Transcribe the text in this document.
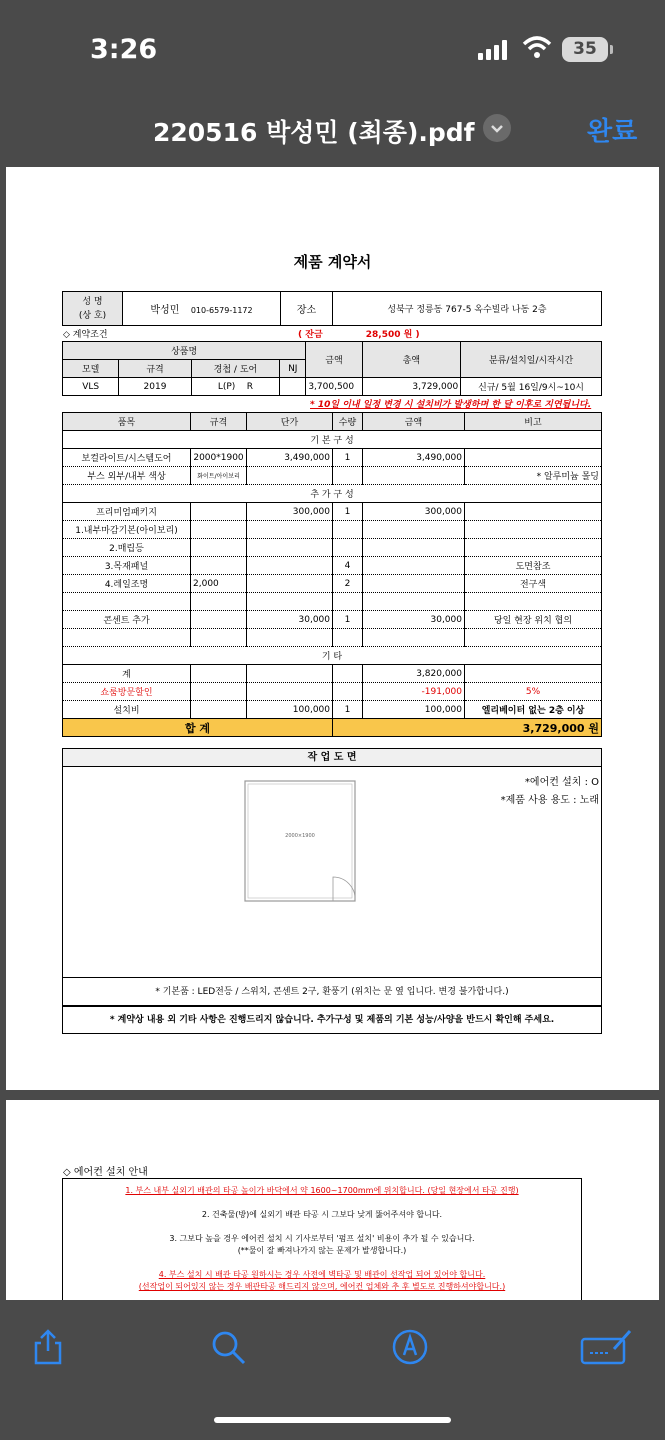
3:26	35
220516 박성민 (최종).pdf	완료
제품 계약서
성 명
(상 호)	박성민 010-6579-1172	장소	성북구 정릉동 767-5 옥수빌라 나동 2층
◇ 계약조건	( 잔금	28,500 원 )
상품명				금액	총액	분류/설치일/시작시간
모델	규격	경첩 / 도어	NJ			
VLS	2019	L(P) R		3,700,500	3,729,000	신규/ 5월 16일/9시~10시
* 10일 이내 일정 변경 시 설치비가 발생하며 한 달 이후로 지연됩니다.
품목	규격	단가	수량	금액	비고
기 본 구 성					
보컬라이트/시스템도어	2000*1900	3,490,000	1	3,490,000	
부스 외부/내부 색상	화이트/아이보리				* 알루미늄 몰딩
추 가 구 성					
프리미엄패키지		300,000	1	300,000	
1.내부마감기본(아이보리)					
2.매립등					
3.목재패널			4		도면참조
4.레일조명	2,000		2		전구색

콘센트 추가		30,000	1	30,000	당일 현장 위치 협의

기 타					
계				3,820,000	
쇼룸방문할인				-191,000	5%
설치비		100,000	1	100,000	엘리베이터 없는 2층 이상
합 계			3,729,000 원		
작 업 도 면
*에어컨 설치 : O
*제품 사용 용도 : 노래
2000×1900
* 기본품 : LED전등 / 스위치, 콘센트 2구, 환풍기 (위치는 문 옆 입니다. 변경 불가합니다.)
* 계약상 내용 외 기타 사항은 진행드리지 않습니다. 추가구성 및 제품의 기본 성능/사양을 반드시 확인해 주세요.
◇ 에어컨 설치 안내
1. 부스 내부 실외기 배관의 타공 높이가 바닥에서 약 1600~1700mm에 위치합니다. (당일 현장에서 타공 진행)
2. 건축물(방)에 실외기 배관 타공 시 그보다 낮게 뚫어주셔야 합니다.
3. 그보다 높을 경우 에어컨 설치 시 기사로부터 '펌프 설치' 비용이 추가 될 수 있습니다.
(**물이 잘 빠져나가지 않는 문제가 발생합니다.)
4. 부스 설치 시 배관 타공 원하시는 경우 사전에 벽타공 및 배관이 선작업 되어 있어야 합니다.
(선작업이 되어있지 않는 경우 배관타공 해드리지 않으며, 에어컨 업체와 추 후 별도로 진행하셔야합니다.)
